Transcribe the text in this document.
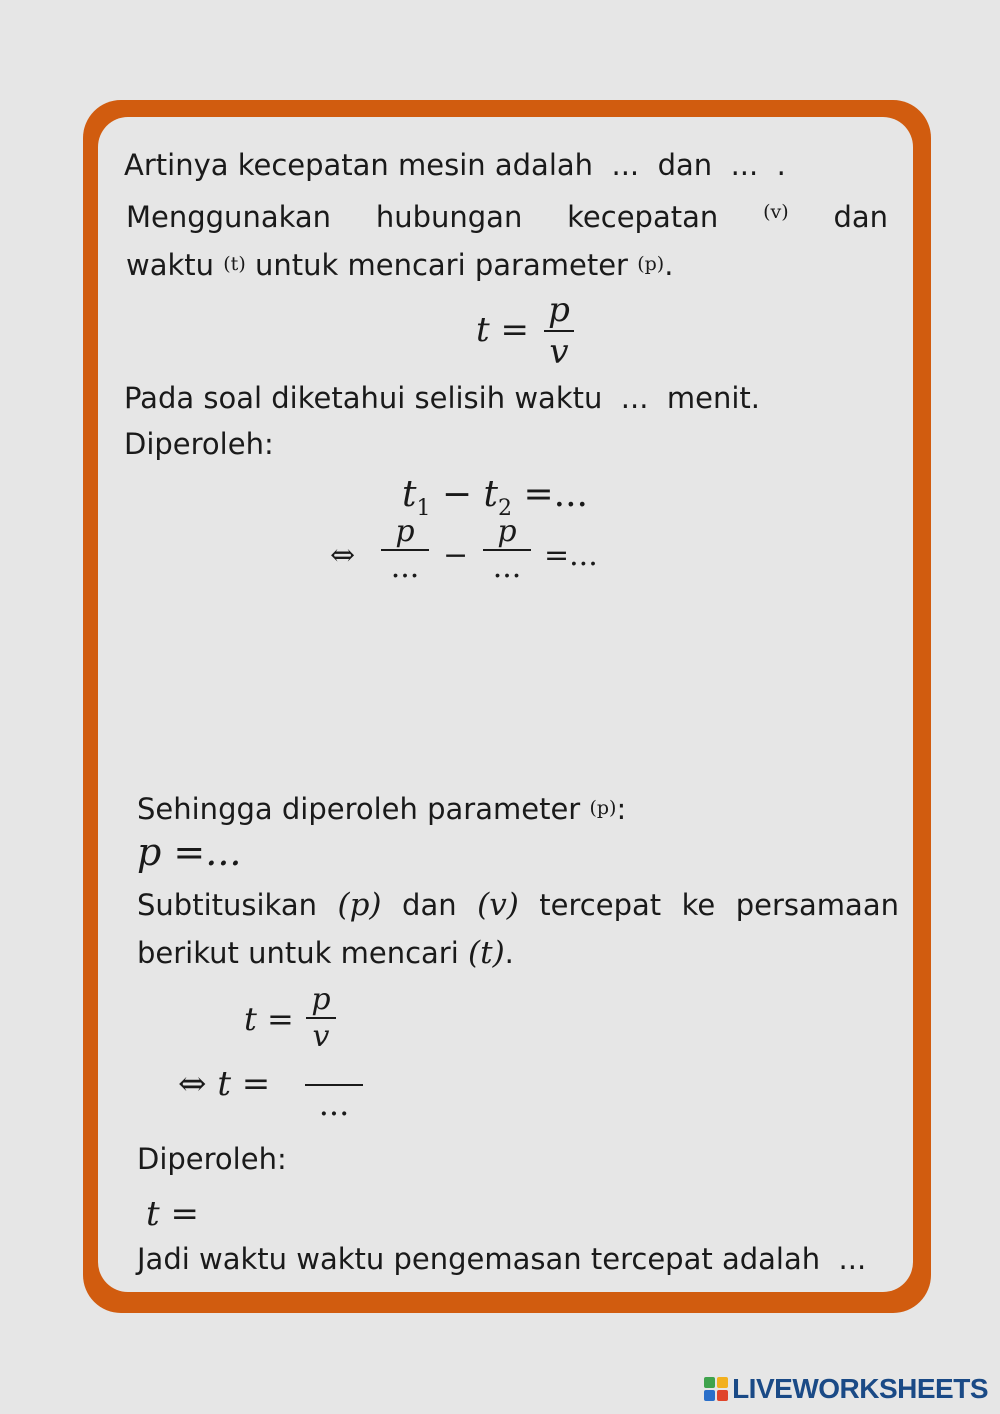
Artinya kecepatan mesin adalah ... dan ... .
Menggunakan hubungan kecepatan (v) dan
waktu (t) untuk mencari parameter (p).
t = p
v
Pada soal diketahui selisih waktu ... menit.
Diperoleh:
$t_1 - t_2$ =...
⇔
p
... −
p
... =...
Sehingga diperoleh parameter (p):
p =...
Subtitusikan (p) dan (v) tercepat ke persamaan
berikut untuk mencari (t).
t =
p
v
⇔ t =	...
Diperoleh:
t =
Jadi waktu waktu pengemasan tercepat adalah ...
LIVEWORKSHEETS
